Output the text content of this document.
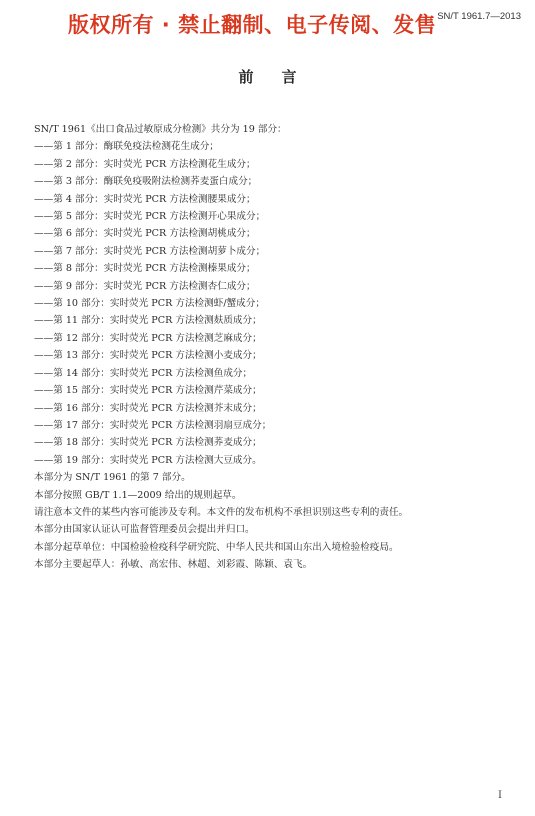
版权所有 · 禁止翻制、电子传阅、发售 SN/T 1961.7—2013
前言

SN/T 1961《出口食品过敏原成分检测》共分为 19 部分：

——第 1 部分：酶联免疫法检测花生成分；

——第 2 部分：实时荧光 PCR 方法检测花生成分；

——第 3 部分：酶联免疫吸附法检测荞麦蛋白成分；

——第 4 部分：实时荧光 PCR 方法检测腰果成分；

——第 5 部分：实时荧光 PCR 方法检测开心果成分；

——第 6 部分：实时荧光 PCR 方法检测胡桃成分；

——第 7 部分：实时荧光 PCR 方法检测胡萝卜成分；

——第 8 部分：实时荧光 PCR 方法检测榛果成分；

——第 9 部分：实时荧光 PCR 方法检测杏仁成分；

——第 10 部分：实时荧光 PCR 方法检测虾/蟹成分；

——第 11 部分：实时荧光 PCR 方法检测麸质成分；

——第 12 部分：实时荧光 PCR 方法检测芝麻成分；

——第 13 部分：实时荧光 PCR 方法检测小麦成分；

——第 14 部分：实时荧光 PCR 方法检测鱼成分；

——第 15 部分：实时荧光 PCR 方法检测芹菜成分；

——第 16 部分：实时荧光 PCR 方法检测芥末成分；

——第 17 部分：实时荧光 PCR 方法检测羽扇豆成分；

——第 18 部分：实时荧光 PCR 方法检测荞麦成分；

——第 19 部分：实时荧光 PCR 方法检测大豆成分。

本部分为 SN/T 1961 的第 7 部分。

本部分按照 GB/T 1.1—2009 给出的规则起草。

请注意本文件的某些内容可能涉及专利。本文件的发布机构不承担识别这些专利的责任。

本部分由国家认证认可监督管理委员会提出并归口。

本部分起草单位：中国检验检疫科学研究院、中华人民共和国山东出入境检验检疫局。

本部分主要起草人：孙敏、高宏伟、林超、刘彩霞、陈颖、袁飞。

I
